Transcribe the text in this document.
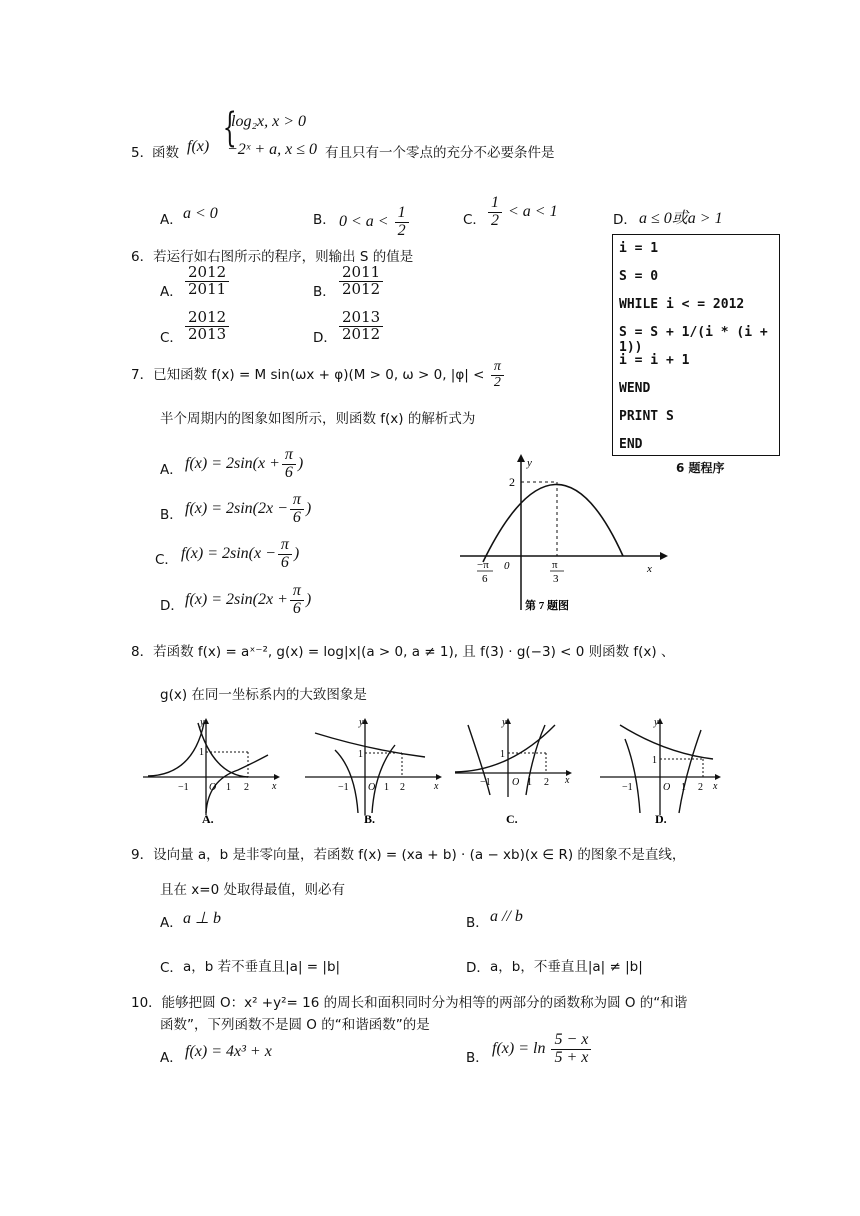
5．
函数 f(x) {
log₂x, x > 0
−2ˣ + a, x ≤ 0 有且只有一个零点的充分不必要条件是
A． a < 0	B． $0 < a < \frac{1}{2}$	C． $\frac{1}{2} < a < 1$
D． a ≤ 0或a > 1
6．若运行如右图所示的程序，则输出 S 的值是
A． $\frac{2012}{2011}$	B． $\frac{2011}{2012}$
C． $\frac{2012}{2013}$	D． $\frac{2013}{2012}$
i = 1
S = 0
WHILE i < = 2012
S = S + 1/(i * (i + 1))
i = i + 1
WEND
PRINT S
END
6 题程序
7．已知函数 f(x) = M sin(ωx + φ)(M > 0, ω > 0, $|\varphi| < \frac{\pi}{2}$
半个周期内的图象如图所示，则函数 f(x) 的解析式为
A． $f(x) = 2\sin(x + \frac{\pi}{6}$ )
B． $f(x) = 2\sin(2x - \frac{\pi}{6}$ )
C． $f(x) = 2\sin(x - \frac{\pi}{6}$ )
D． $f(x) = 2\sin(2x + \frac{\pi}{6}$ )
y
x
2
0
−π
6
π
3
第 7 题图
8．若函数 f(x) = aˣ⁻², g(x) = log|x|(a > 0, a ≠ 1), 且 f(3) · g(−3) < 0 则函数 f(x) 、
g(x) 在同一坐标系内的大致图象是
y
x
1
−1 O 1 2
A.
y
x
1
−1 O 1 2
B.
y
x
1
−1 O 1 2
C.
y
x
1
−1	O 1 2
D.
9．设向量 a，b 是非零向量，若函数 f(x) = (xa + b) · (a − xb)(x ∈ R) 的图象不是直线，
且在 x=0 处取得最值，则必有
A． a ⊥ b	B． a // b
C． a，b 若不垂直且|a| = |b|	D． a，b，不垂直且|a| ≠ |b|
10．能够把圆 O：x² +y²= 16 的周长和面积同时分为相等的两部分的函数称为圆 O 的“和谐
函数”，下列函数不是圆 O 的“和谐函数”的是
A． f(x) = 4x³ + x	B．
$f(x) = \ln \frac{5 - x}{5 + x}$
